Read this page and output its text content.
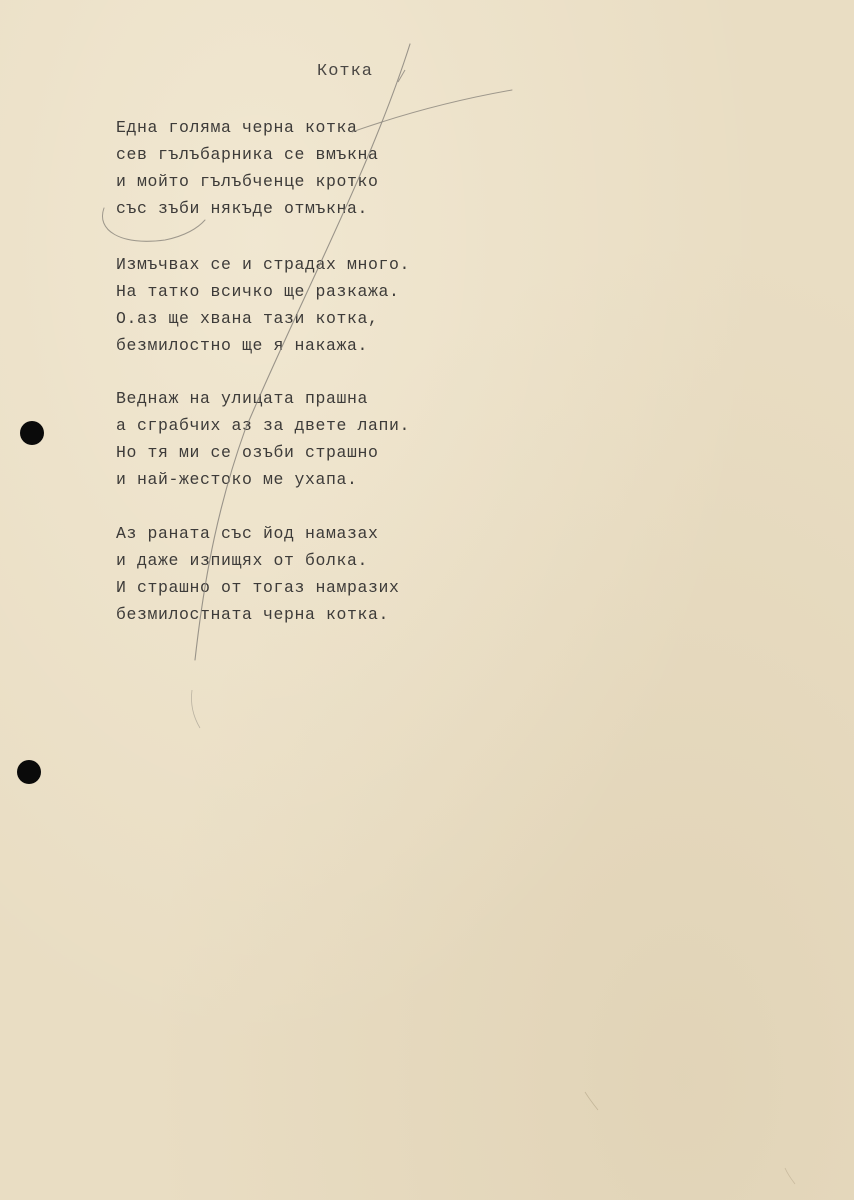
Котка
Една голяма черна котка
сев гълъбарника се вмъкна
и мойто гълъбченце кротко
със зъби някъде отмъкна.
Измъчвах се и страдах много.
На татко всичко ще разкажа.
О.аз ще хвана тази котка,
безмилостно ще я накажа.
Веднаж на улицата прашна
а сграбчих аз за двете лапи.
Но тя ми се озъби страшно
и най-жестоко ме ухапа.
Аз раната със йод намазах
и даже изпищях от болка.
И страшно от тогаз намразих
безмилостната черна котка.
